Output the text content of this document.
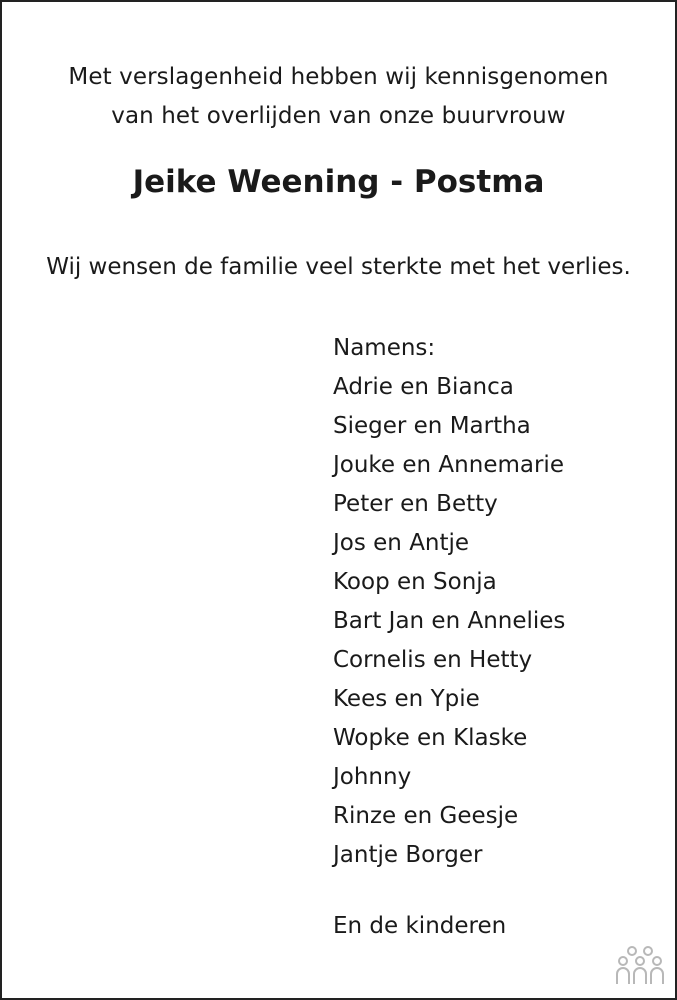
Met verslagenheid hebben wij kennisgenomen
van het overlijden van onze buurvrouw
Jeike Weening - Postma
Wij wensen de familie veel sterkte met het verlies.
Namens:
Adrie en Bianca
Sieger en Martha
Jouke en Annemarie
Peter en Betty
Jos en Antje
Koop en Sonja
Bart Jan en Annelies
Cornelis en Hetty
Kees en Ypie
Wopke en Klaske
Johnny
Rinze en Geesje
Jantje Borger
En de kinderen
